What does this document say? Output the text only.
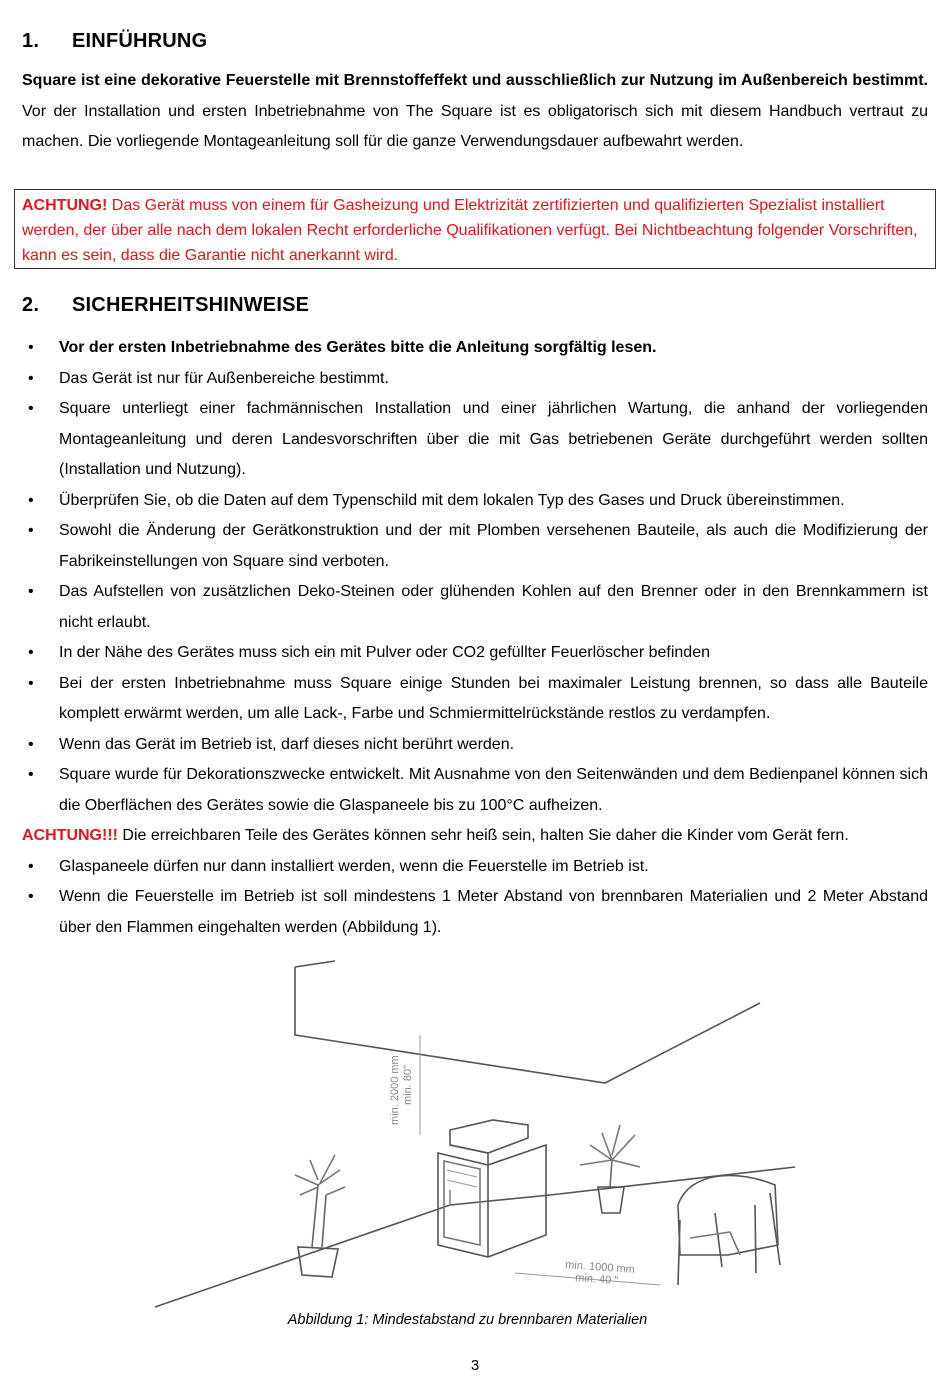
1. EINFÜHRUNG
Square ist eine dekorative Feuerstelle mit Brennstoffeffekt und ausschließlich zur Nutzung im Außenbereich bestimmt. Vor der Installation und ersten Inbetriebnahme von The Square ist es obligatorisch sich mit diesem Handbuch vertraut zu machen. Die vorliegende Montageanleitung soll für die ganze Verwendungsdauer aufbewahrt werden.
ACHTUNG! Das Gerät muss von einem für Gasheizung und Elektrizität zertifizierten und qualifizierten Spezialist installiert werden, der über alle nach dem lokalen Recht erforderliche Qualifikationen verfügt. Bei Nichtbeachtung folgender Vorschriften, kann es sein, dass die Garantie nicht anerkannt wird.
2. SICHERHEITSHINWEISE
• Vor der ersten Inbetriebnahme des Gerätes bitte die Anleitung sorgfältig lesen.
• Das Gerät ist nur für Außenbereiche bestimmt.
• Square unterliegt einer fachmännischen Installation und einer jährlichen Wartung, die anhand der vorliegenden Montageanleitung und deren Landesvorschriften über die mit Gas betriebenen Geräte durchgeführt werden sollten (Installation und Nutzung).
• Überprüfen Sie, ob die Daten auf dem Typenschild mit dem lokalen Typ des Gases und Druck übereinstimmen.
• Sowohl die Änderung der Gerätkonstruktion und der mit Plomben versehenen Bauteile, als auch die Modifizierung der Fabrikeinstellungen von Square sind verboten.
• Das Aufstellen von zusätzlichen Deko-Steinen oder glühenden Kohlen auf den Brenner oder in den Brennkammern ist nicht erlaubt.
• In der Nähe des Gerätes muss sich ein mit Pulver oder CO2 gefüllter Feuerlöscher befinden
• Bei der ersten Inbetriebnahme muss Square einige Stunden bei maximaler Leistung brennen, so dass alle Bauteile komplett erwärmt werden, um alle Lack-, Farbe und Schmiermittelrückstände restlos zu verdampfen.
• Wenn das Gerät im Betrieb ist, darf dieses nicht berührt werden.
• Square wurde für Dekorationszwecke entwickelt. Mit Ausnahme von den Seitenwänden und dem Bedienpanel können sich die Oberflächen des Gerätes sowie die Glaspaneele bis zu 100°C aufheizen.
ACHTUNG!!! Die erreichbaren Teile des Gerätes können sehr heiß sein, halten Sie daher die Kinder vom Gerät fern.
• Glaspaneele dürfen nur dann installiert werden, wenn die Feuerstelle im Betrieb ist.
• Wenn die Feuerstelle im Betrieb ist soll mindestens 1 Meter Abstand von brennbaren Materialien und 2 Meter Abstand über den Flammen eingehalten werden (Abbildung 1).
min. 2000 mm min. 80"
min. 1000 mm
min. 40 "
Abbildung 1: Mindestabstand zu brennbaren Materialien
3
